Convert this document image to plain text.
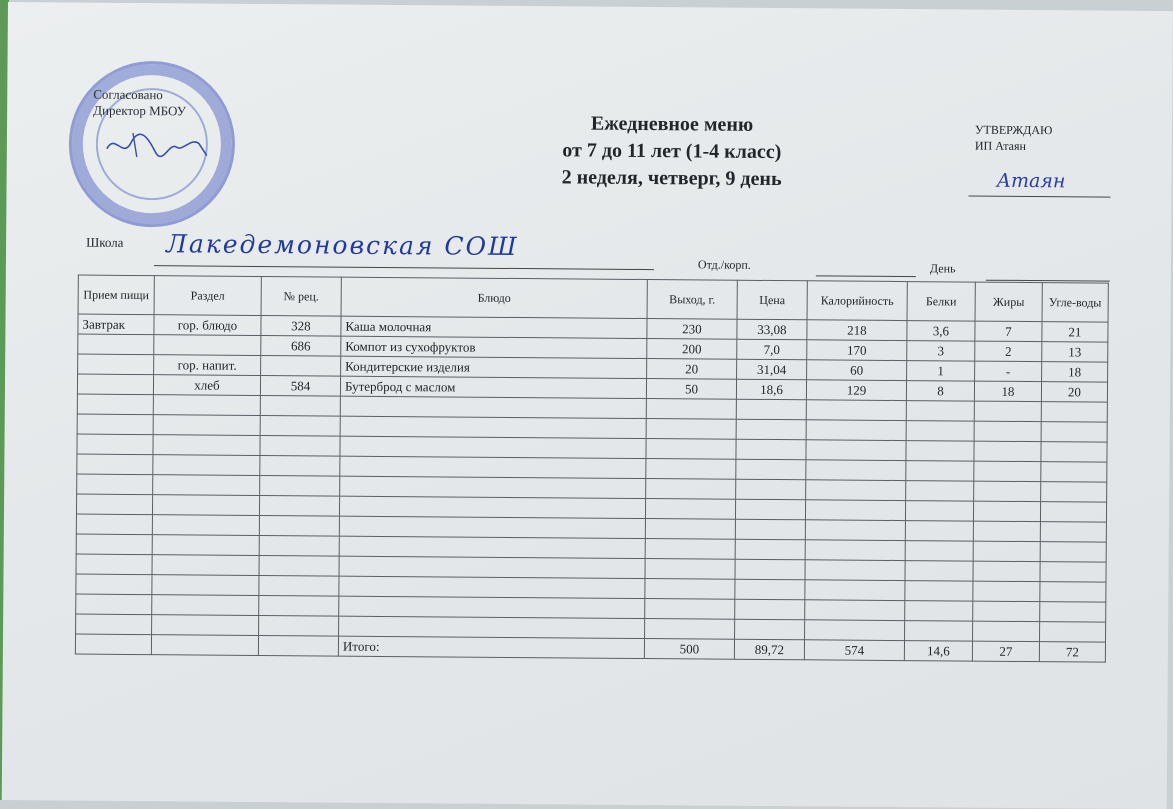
Согласовано
Директор МБОУ
Ежедневное меню
от 7 до 11 лет (1-4 класс)
2 неделя, четверг, 9 день
УТВЕРЖДАЮ
ИП Атаян
Атаян
Школа Лакедемоновская СОШ
Отд./корп.	День
Прием пищи	Раздел	№ рец.	Блюдо	Выход, г.	Цена	Калорийность	Белки	Жиры	Угле-воды
Завтрак	гор. блюдо	328	Каша молочная	230	33,08	218	3,6	7	21
		686	Компот из сухофруктов	200	7,0	170	3	2	13
	гор. напит.		Кондитерские изделия	20	31,04	60	1	-	18
	хлеб	584	Бутерброд с маслом	50	18,6	129	8	18	20

			Итого:	500	89,72	574	14,6	27	72
